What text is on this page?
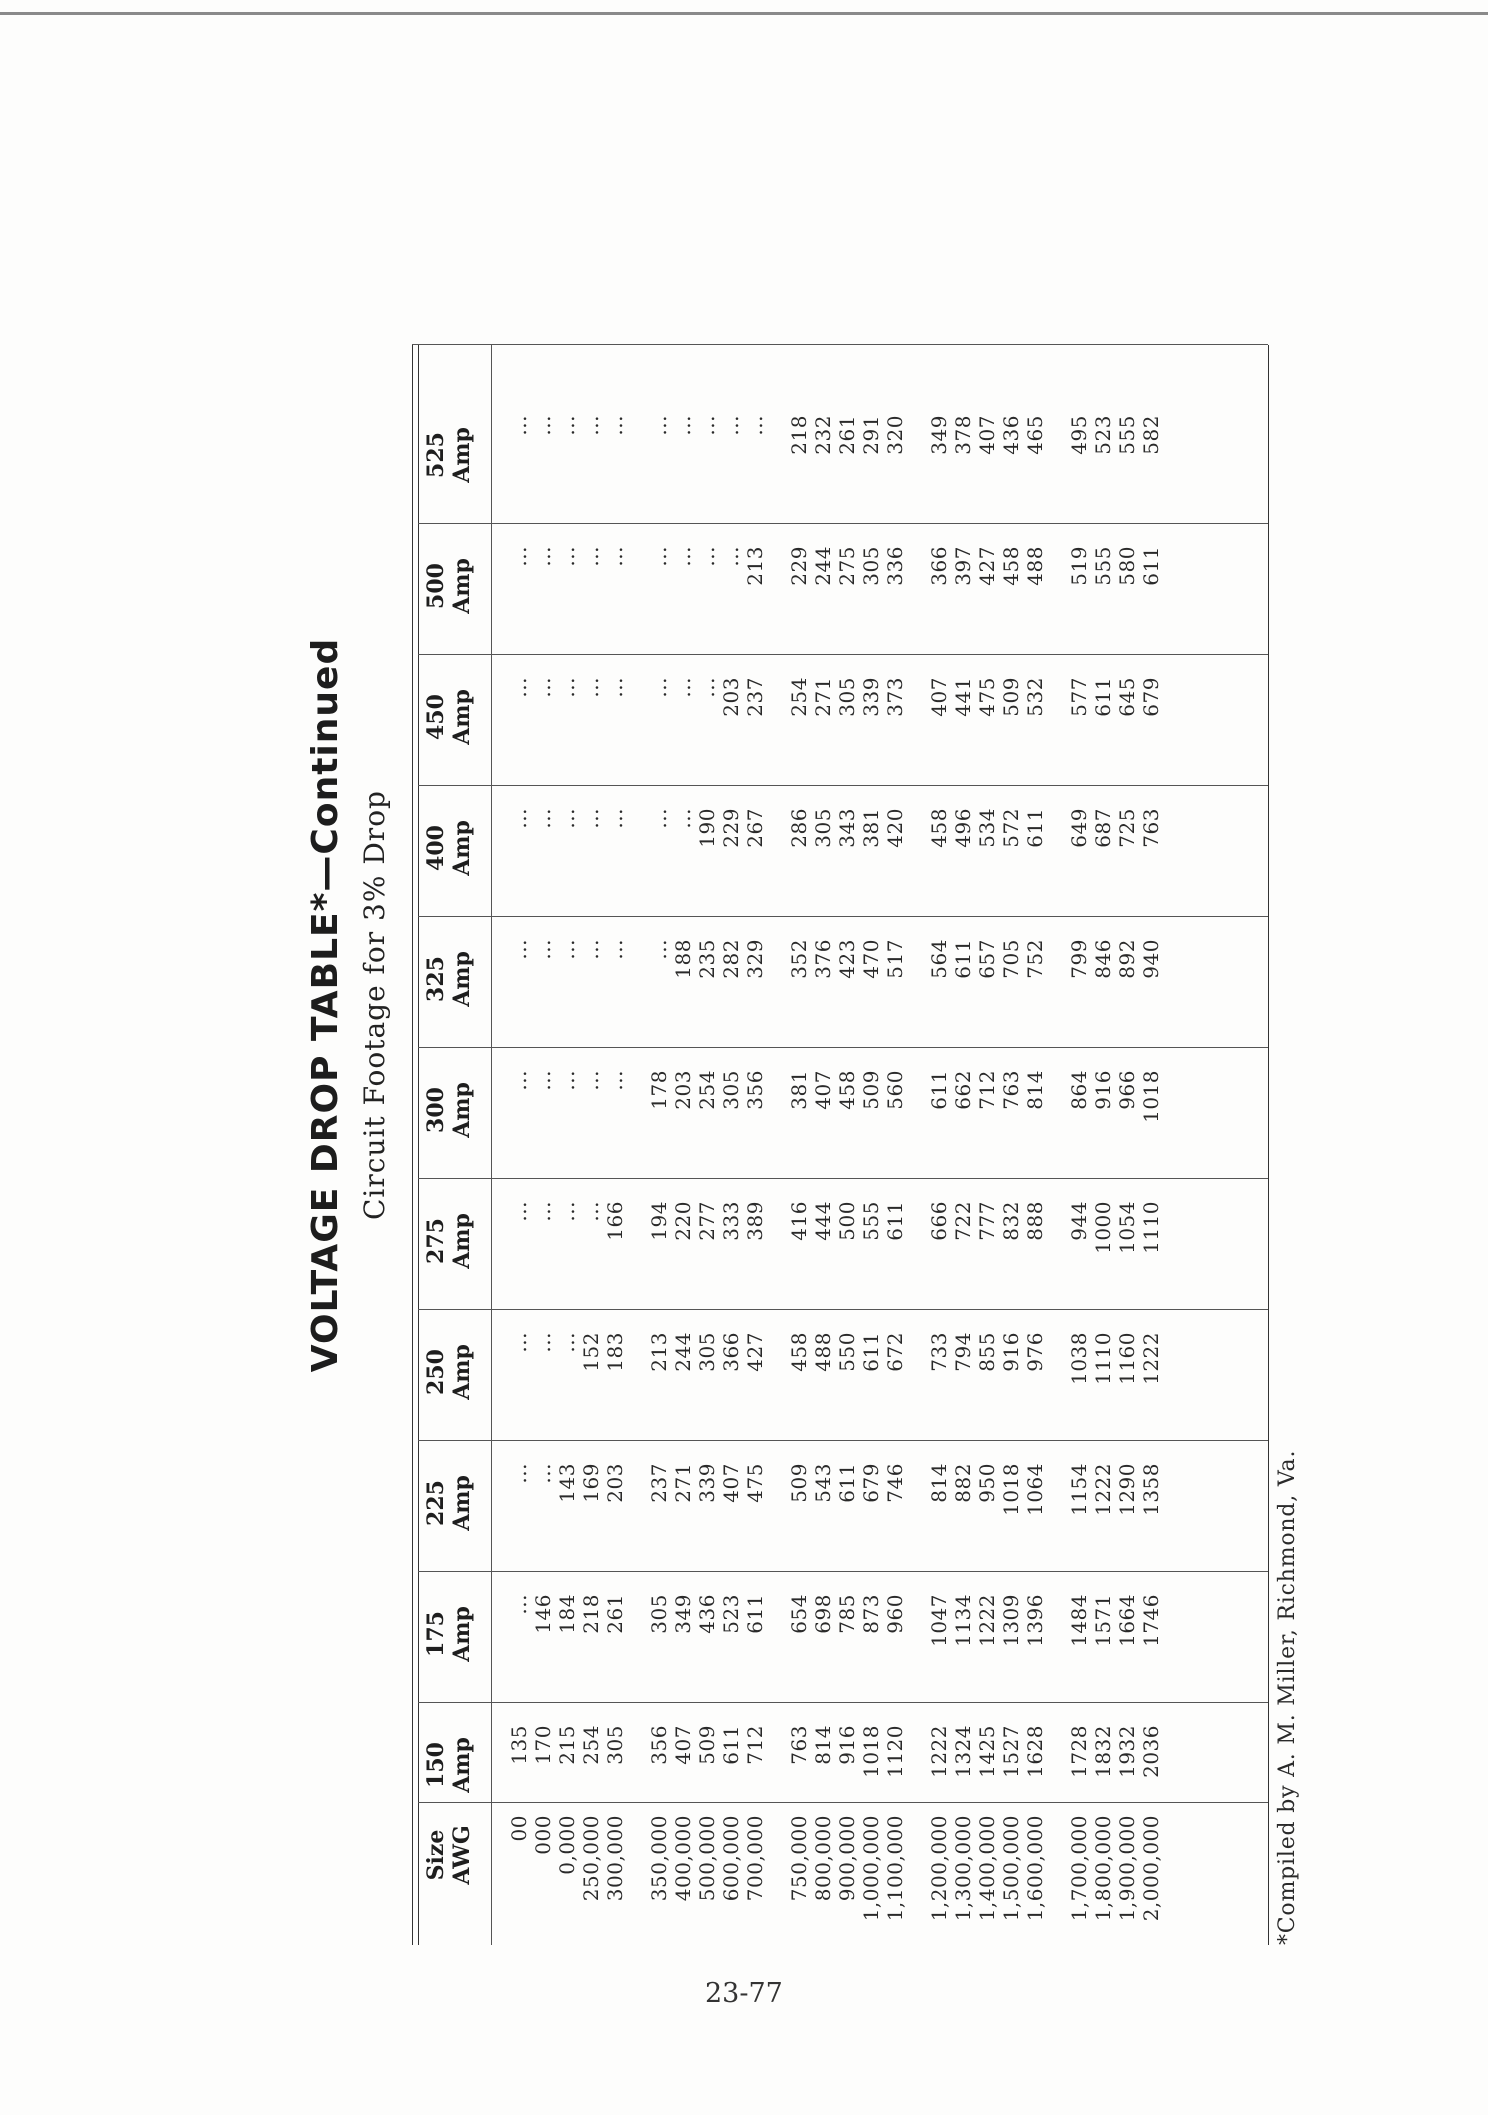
VOLTAGE DROP TABLE*—Continued Circuit Footage for 3% Drop
00
135
...
...
...
...
...
...
...
...
...
...
000
170
146
...
...
...
...
...
...
...
...
...
0,000
215
184
143
...
...
...
...
...
...
...
...
250,000
254
218
169
152
...
...
...
...
...
...
...
300,000
305
261
203
183
166
...
...
...
...
...
...
350,000
356
305
237
213
194
178
...
...
...
...
...
400,000
407
349
271
244
220
203
188
...
...
...
...
500,000
509
436
339
305
277
254
235
190
...
...
...
600,000
611
523
407
366
333
305
282
229
203
...
...
700,000
712
611
475
427
389
356
329
267
237
213
...
750,000
763
654
509
458
416
381
352
286
254
229
218
800,000
814
698
543
488
444
407
376
305
271
244
232
900,000
916
785
611
550
500
458
423
343
305
275
261
1,000,000
1018
873
679
611
555
509
470
381
339
305
291
1,100,000
1120
960
746
672
611
560
517
420
373
336
320
1,200,000
1222
1047
814
733
666
611
564
458
407
366
349
1,300,000
1324
1134
882
794
722
662
611
496
441
397
378
1,400,000
1425
1222
950
855
777
712
657
534
475
427
407
1,500,000
1527
1309
1018
916
832
763
705
572
509
458
436
1,600,000
1628
1396
1064
976
888
814
752
611
532
488
465
1,700,000
1728
1484
1154
1038
944
864
799
649
577
519
495
1,800,000
1832
1571
1222
1110
1000
916
846
687
611
555
523
1,900,000
1932
1664
1290
1160
1054
966
892
725
645
580
555
2,000,000
2036
1746
1358
1222
1110
1018
940
763
679
611
582
*Compiled by A. M. Miller, Richmond, Va.
Size AWG
150 Amp
175 Amp
225 Amp
250 Amp
275 Amp
300 Amp
325 Amp
400 Amp
450 Amp
500 Amp
525 Amp
23-77
